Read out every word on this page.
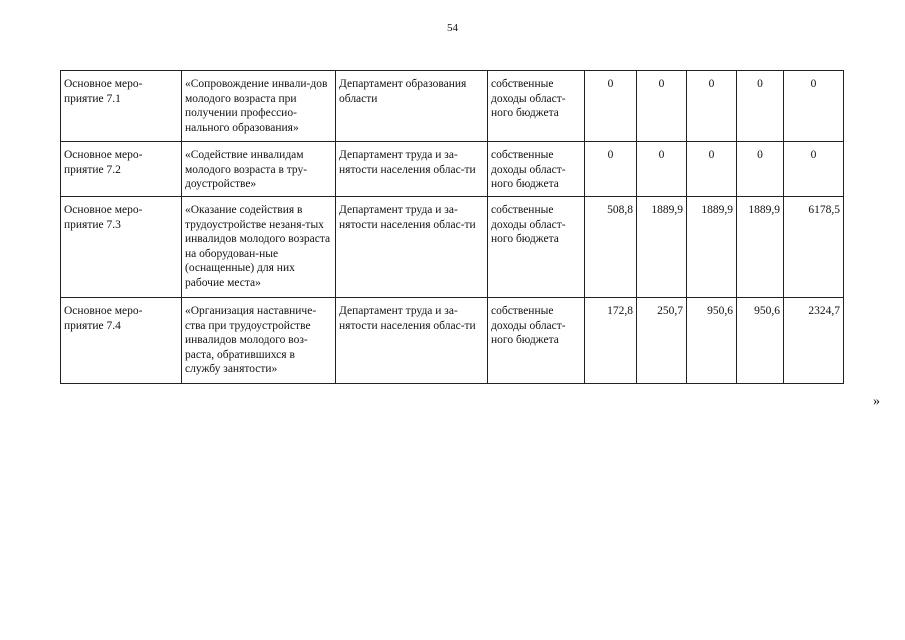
54
Основное меро-приятие 7.1	«Сопровождение инвали-дов молодого возраста при получении профессио-нального образования»	Департамент образования области	собственные доходы област-ного бюджета	0	0	0	0	0
Основное меро-приятие 7.2	«Содействие инвалидам молодого возраста в тру-доустройстве»	Департамент труда и за-нятости населения облас-ти	собственные доходы област-ного бюджета	0	0	0	0	0
Основное меро-приятие 7.3	«Оказание содействия в трудоустройстве незаня-тых инвалидов молодого возраста на оборудован-ные (оснащенные) для них рабочие места»	Департамент труда и за-нятости населения облас-ти	собственные доходы област-ного бюджета	508,8	1889,9	1889,9	1889,9	6178,5
Основное меро-приятие 7.4	«Организация наставниче-ства при трудоустройстве инвалидов молодого воз-раста, обратившихся в службу занятости»	Департамент труда и за-нятости населения облас-ти	собственные доходы област-ного бюджета	172,8	250,7	950,6	950,6	2324,7
»
